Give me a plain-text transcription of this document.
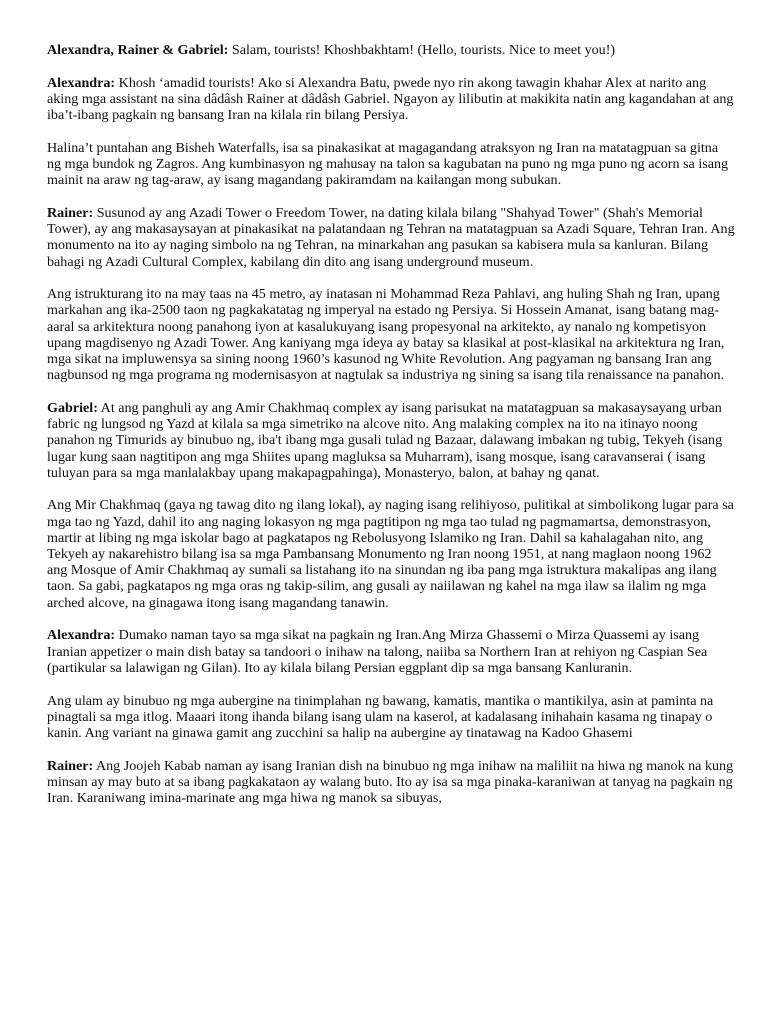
Alexandra, Rainer & Gabriel: Salam, tourists! Khoshbakhtam! (Hello, tourists. Nice to meet you!)

Alexandra: Khosh ‘amadid tourists! Ako si Alexandra Batu, pwede nyo rin akong tawagin khahar Alex at narito ang aking mga assistant na sina dâdâsh Rainer at dâdâsh Gabriel. Ngayon ay lilibutin at makikita natin ang kagandahan at ang iba’t-ibang pagkain ng bansang Iran na kilala rin bilang Persiya.

Halina’t puntahan ang Bisheh Waterfalls, isa sa pinakasikat at magagandang atraksyon ng Iran na matatagpuan sa gitna ng mga bundok ng Zagros. Ang kumbinasyon ng mahusay na talon sa kagubatan na puno ng mga puno ng acorn sa isang mainit na araw ng tag-araw, ay isang magandang pakiramdam na kailangan mong subukan.

Rainer: Susunod ay ang Azadi Tower o Freedom Tower, na dating kilala bilang "Shahyad Tower" (Shah's Memorial Tower), ay ang makasaysayan at pinakasikat na palatandaan ng Tehran na matatagpuan sa Azadi Square, Tehran Iran. Ang monumento na ito ay naging simbolo na ng Tehran, na minarkahan ang pasukan sa kabisera mula sa kanluran. Bilang bahagi ng Azadi Cultural Complex, kabilang din dito ang isang underground museum.

Ang istrukturang ito na may taas na 45 metro, ay inatasan ni Mohammad Reza Pahlavi, ang huling Shah ng Iran, upang markahan ang ika-2500 taon ng pagkakatatag ng imperyal na estado ng Persiya. Si Hossein Amanat, isang batang mag-aaral sa arkitektura noong panahong iyon at kasalukuyang isang propesyonal na arkitekto, ay nanalo ng kompetisyon upang magdisenyo ng Azadi Tower. Ang kaniyang mga ideya ay batay sa klasikal at post-klasikal na arkitektura ng Iran, mga sikat na impluwensya sa sining noong 1960’s kasunod ng White Revolution. Ang pagyaman ng bansang Iran ang nagbunsod ng mga programa ng modernisasyon at nagtulak sa industriya ng sining sa isang tila renaissance na panahon.

Gabriel: At ang panghuli ay ang Amir Chakhmaq complex ay isang parisukat na matatagpuan sa makasaysayang urban fabric ng lungsod ng Yazd at kilala sa mga simetriko na alcove nito. Ang malaking complex na ito na itinayo noong panahon ng Timurids ay binubuo ng, iba't ibang mga gusali tulad ng Bazaar, dalawang imbakan ng tubig, Tekyeh (isang lugar kung saan nagtitipon ang mga Shiites upang magluksa sa Muharram), isang mosque, isang caravanserai ( isang tuluyan para sa mga manlalakbay upang makapagpahinga), Monasteryo, balon, at bahay ng qanat.

Ang Mir Chakhmaq (gaya ng tawag dito ng ilang lokal), ay naging isang relihiyoso, pulitikal at simbolikong lugar para sa mga tao ng Yazd, dahil ito ang naging lokasyon ng mga pagtitipon ng mga tao tulad ng pagmamartsa, demonstrasyon, martir at libing ng mga iskolar bago at pagkatapos ng Rebolusyong Islamiko ng Iran. Dahil sa kahalagahan nito, ang Tekyeh ay nakarehistro bilang isa sa mga Pambansang Monumento ng Iran noong 1951, at nang maglaon noong 1962 ang Mosque of Amir Chakhmaq ay sumali sa listahang ito na sinundan ng iba pang mga istruktura makalipas ang ilang taon. Sa gabi, pagkatapos ng mga oras ng takip-silim, ang gusali ay naiilawan ng kahel na mga ilaw sa ilalim ng mga arched alcove, na ginagawa itong isang magandang tanawin.

Alexandra: Dumako naman tayo sa mga sikat na pagkain ng Iran.Ang Mirza Ghassemi o Mirza Quassemi ay isang Iranian appetizer o main dish batay sa tandoori o inihaw na talong, naiiba sa Northern Iran at rehiyon ng Caspian Sea (partikular sa lalawigan ng Gilan). Ito ay kilala bilang Persian eggplant dip sa mga bansang Kanluranin.

Ang ulam ay binubuo ng mga aubergine na tinimplahan ng bawang, kamatis, mantika o mantikilya, asin at paminta na pinagtali sa mga itlog. Maaari itong ihanda bilang isang ulam na kaserol, at kadalasang inihahain kasama ng tinapay o kanin. Ang variant na ginawa gamit ang zucchini sa halip na aubergine ay tinatawag na Kadoo Ghasemi

Rainer: Ang Joojeh Kabab naman ay isang Iranian dish na binubuo ng mga inihaw na maliliit na hiwa ng manok na kung minsan ay may buto at sa ibang pagkakataon ay walang buto. Ito ay isa sa mga pinaka-karaniwan at tanyag na pagkain ng Iran. Karaniwang imina-marinate ang mga hiwa ng manok sa sibuyas,
